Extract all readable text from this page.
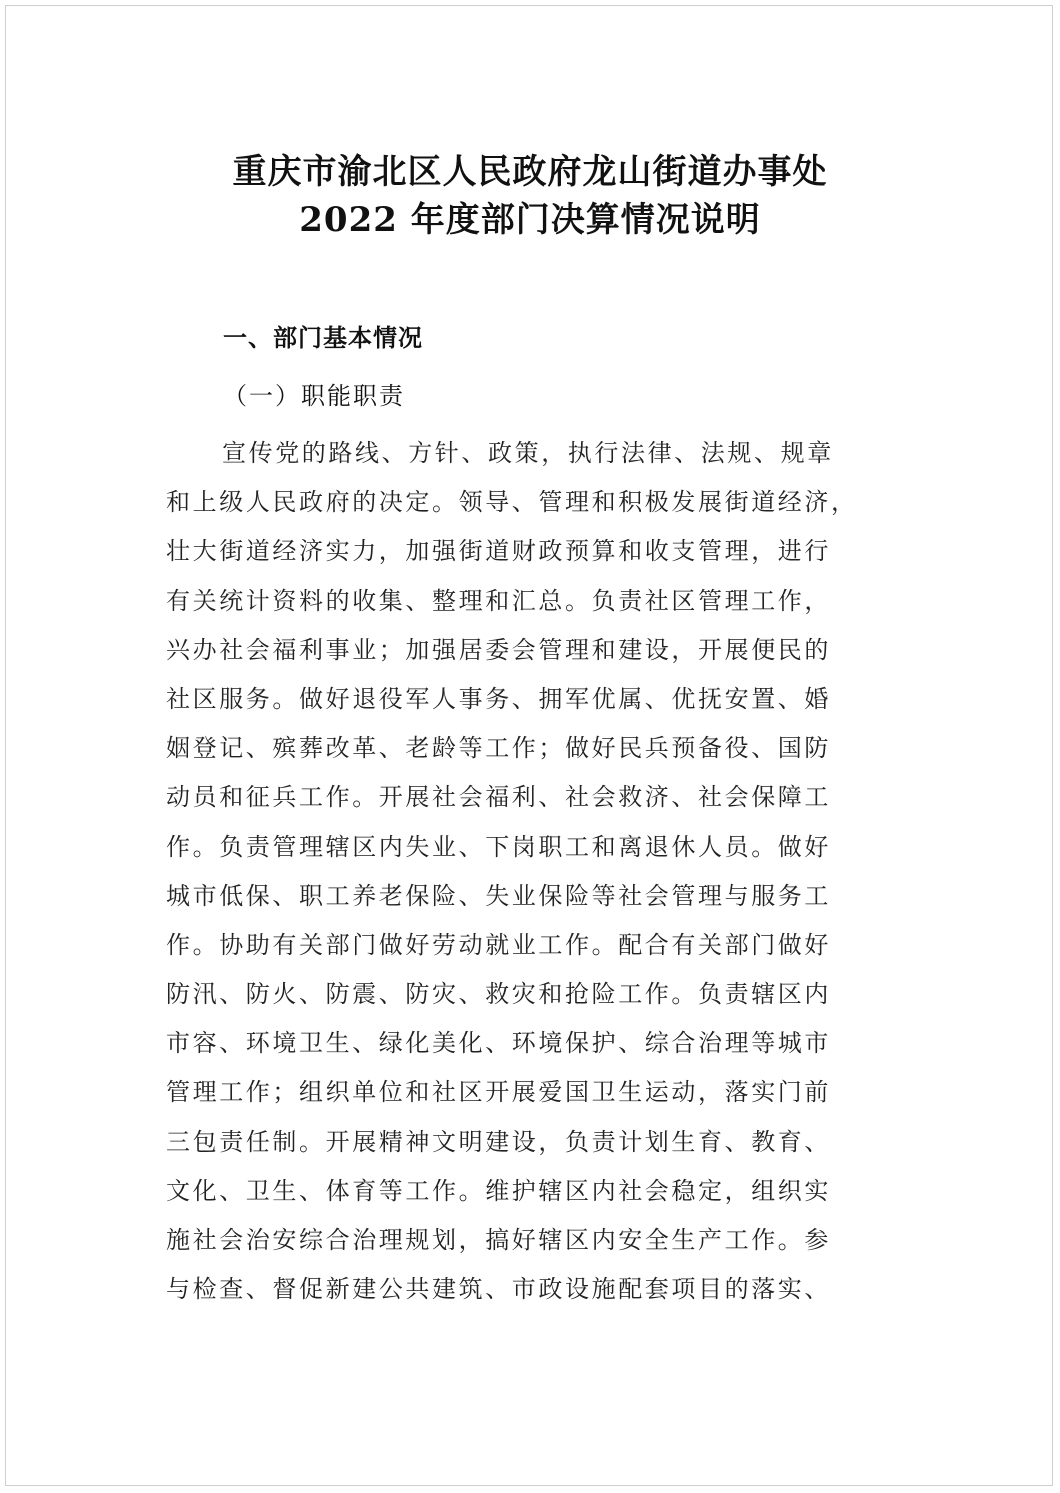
重庆市渝北区人民政府龙山街道办事处
2022 年度部门决算情况说明
一、部门基本情况
（一）职能职责
宣传党的路线、方针、政策，执行法律、法规、规章
和上级人民政府的决定。领导、管理和积极发展街道经济，
壮大街道经济实力，加强街道财政预算和收支管理，进行
有关统计资料的收集、整理和汇总。负责社区管理工作，
兴办社会福利事业；加强居委会管理和建设，开展便民的
社区服务。做好退役军人事务、拥军优属、优抚安置、婚
姻登记、殡葬改革、老龄等工作；做好民兵预备役、国防
动员和征兵工作。开展社会福利、社会救济、社会保障工
作。负责管理辖区内失业、下岗职工和离退休人员。做好
城市低保、职工养老保险、失业保险等社会管理与服务工
作。协助有关部门做好劳动就业工作。配合有关部门做好
防汛、防火、防震、防灾、救灾和抢险工作。负责辖区内
市容、环境卫生、绿化美化、环境保护、综合治理等城市
管理工作；组织单位和社区开展爱国卫生运动，落实门前
三包责任制。开展精神文明建设，负责计划生育、教育、
文化、卫生、体育等工作。维护辖区内社会稳定，组织实
施社会治安综合治理规划，搞好辖区内安全生产工作。参
与检查、督促新建公共建筑、市政设施配套项目的落实、
